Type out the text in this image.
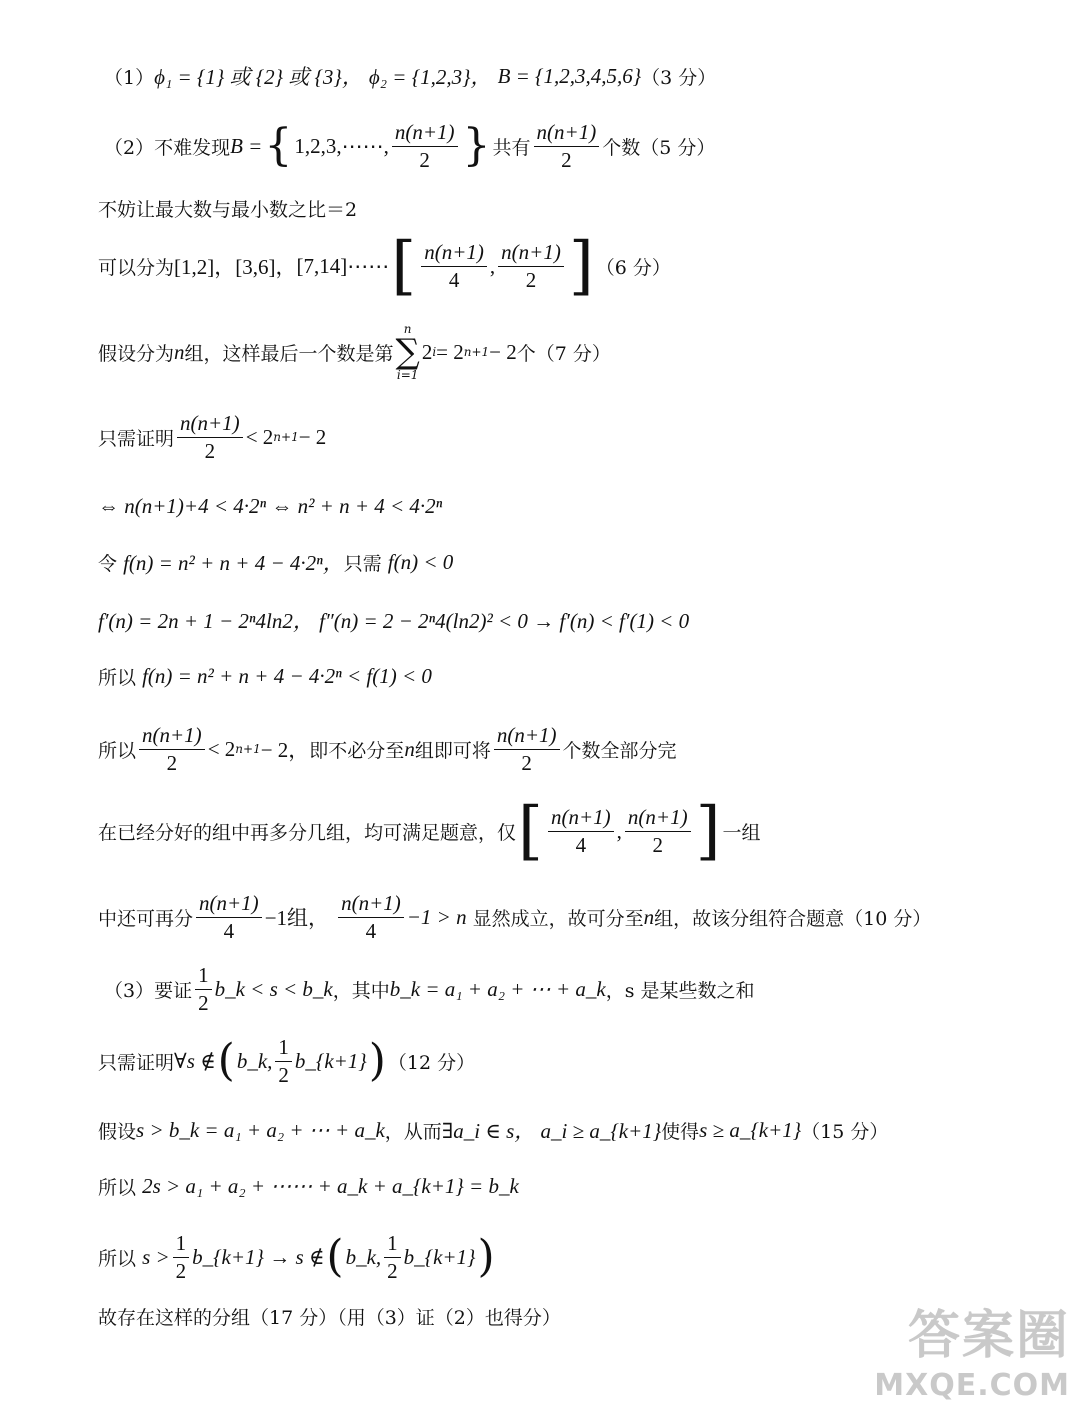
（1） ϕ₁ = {1} 或 {2} 或 {3}，
ϕ₂ = {1,2,3}，
B = {1,2,3,4,5,6} （3 分）
（2）不难发现 B = { 1,2,3,⋯⋯, $\frac{n(n+1)}{2}$ } 共有 $\frac{n(n+1)}{2}$ 个数（5 分）
不妨让最大数与最小数之比＝2
可以分为 [1,2]， [3,6]， [7,14]⋯⋯ [ $\frac{n(n+1)}{4}$ , $\frac{n(n+1)}{2}$ ] （6 分）
假设分为 n 组，这样最后一个数是第
n
∑
i=1
2 i = 2 n+1 − 2 个（7 分）
只需证明 $\frac{n(n+1)}{2} < 2$ n+1 − 2
⇔ n(n+1)+4 < 4·2ⁿ ⇔ n² + n + 4 < 4·2ⁿ
令
f(n) = n² + n + 4 − 4·2ⁿ， 只需
f(n) < 0
f′(n) = 2n + 1 − 2ⁿ4ln2， f″(n) = 2 − 2ⁿ4(ln2)² < 0 → f′(n) < f′(1) < 0
所以
f(n) = n² + n + 4 − 4·2ⁿ < f(1) < 0
所以 $\frac{n(n+1)}{2} < 2$ n+1 − 2， 即不必分至 n 组即可将 $\frac{n(n+1)}{2}$ 个数全部分完
在已经分好的组中再多分几组，均可满足题意，仅 [ $\frac{n(n+1)}{4}$ , $\frac{n(n+1)}{2}$ ] 一组
中还可再分 $\frac{n(n+1)}{4} -1$组，
$\frac{n(n+1)}{4} -1 > n$
显然成立，故可分至 n 组，故该分组符合题意（10 分）
（3）要证 $\frac{1}{2}$ b_k < s < b_k ，其中 b_k = a₁ + a₂ + ⋯ + a_k ，s 是某些数之和
只需证明 ∀s ∉ ( b_k, $\frac{1}{2}$ b_{k+1} ) （12 分）
假设 s > b_k = a₁ + a₂ + ⋯ + a_k ，从而 ∃a_i ∈ s， a_i ≥ a_{k+1} 使得 s ≥ a_{k+1} （15 分）
所以
2s > a₁ + a₂ + ⋯⋯ + a_k + a_{k+1} = b_k
所以
$s > \frac{1}{2}$ b_{k+1} → s ∉ ( b_k, $\frac{1}{2}$ b_{k+1} )
故存在这样的分组（17 分）（用（3）证（2）也得分）	答案圈
MXQE.COM
